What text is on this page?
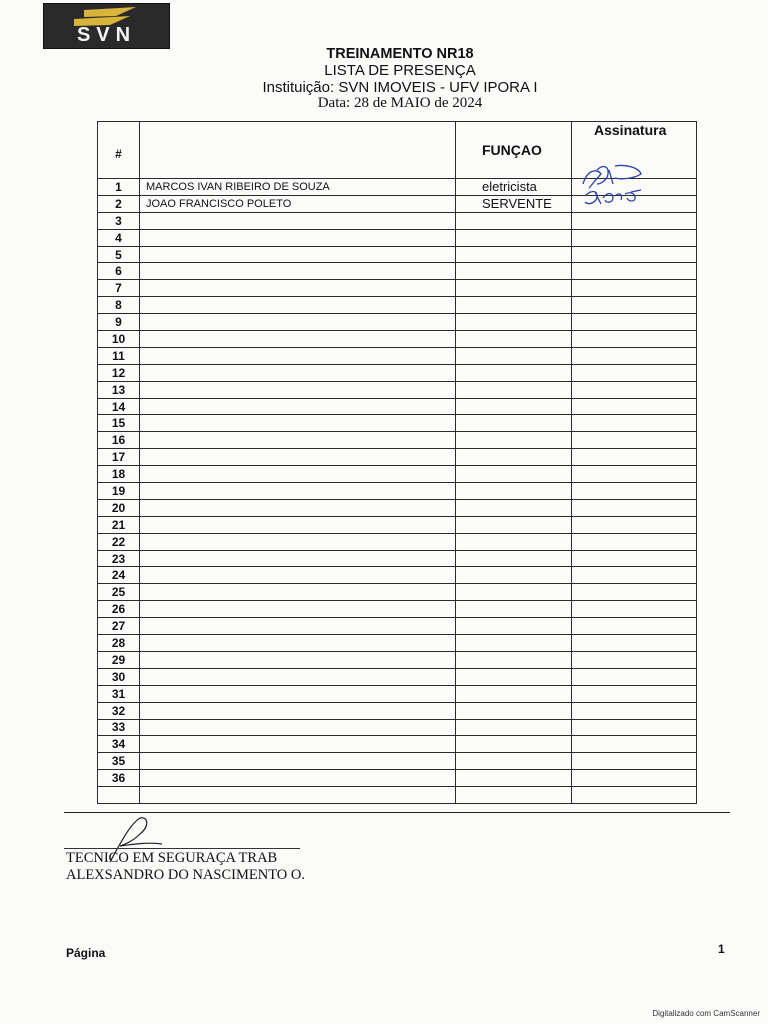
SVN
TREINAMENTO NR18
LISTA DE PRESENÇA
Instituição: SVN IMOVEIS - UFV IPORA I
Data: 28 de MAIO de 2024
#		FUNÇAO	Assinatura
1	MARCOS IVAN RIBEIRO DE SOUZA	eletricista	
2	JOAO FRANCISCO POLETO	SERVENTE	
3			
4			
5			
6			
7			
8			
9			
10			
11			
12			
13			
14			
15			
16			
17			
18			
19			
20			
21			
22			
23			
24			
25			
26			
27			
28			
29			
30			
31			
32			
33			
34			
35			
36			

TECNICO EM SEGURAÇA TRAB
ALEXSANDRO DO NASCIMENTO O.
Página	1
Digitalizado com CamScanner
